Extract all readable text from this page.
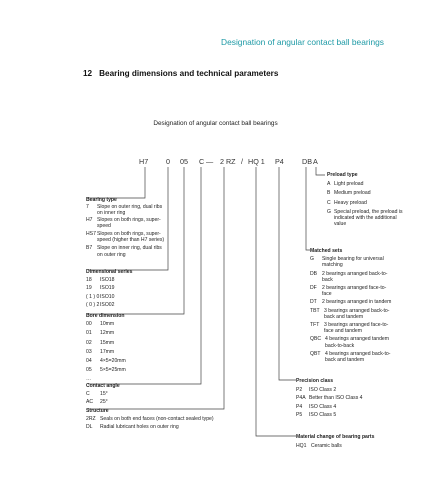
Designation of angular contact ball bearings
12 Bearing dimensions and technical parameters
Designation of angular contact ball bearings
H7 0 05 C — 2 RZ / HQ 1 P4	DB A
Bearing type
7	Slope on outer ring, dual ribs on inner ring
H7 Slopes on both rings, super-speed
HS7 Slopes on both rings, super-speed (higher than H7 series)
B7 Slope on inner ring, dual ribs on outer ring
Dimensional series
18	ISO18
19	ISO19
( 1 ) 0 ISO10
( 0 ) 2 ISO02
Bore dimension
00	10mm
01	12mm
02	15mm
03	17mm
04	4×5=20mm
05	5×5=25mm
…
Contact angle
C	15°
AC	25°
Structure
2RZ Seals on both end faces (non-contact sealed type)
DL	Radial lubricant holes on outer ring
Preload type
A Light preload
B Medium preload
C Heavy preload
G Special preload, the preload is indicated with the additional value
Matched sets
G	Single bearing for universal matching
DB 2 bearings arranged back-to-back
DF	2 bearings arranged face-to-face
DT	2 bearings arranged in tandem
TBT 3 bearings arranged back-to-back and tandem
TFT 3 bearings arranged face-to-face and tandem
QBC 4 bearings arranged tandem back-to-back
QBT 4 bearings arranged back-to-back and tandem
Precision class
P2	ISO Class 2
P4A Better than ISO Class 4
P4	ISO Class 4
P5	ISO Class 5
Material change of bearing parts
HQ1 Ceramic balls
